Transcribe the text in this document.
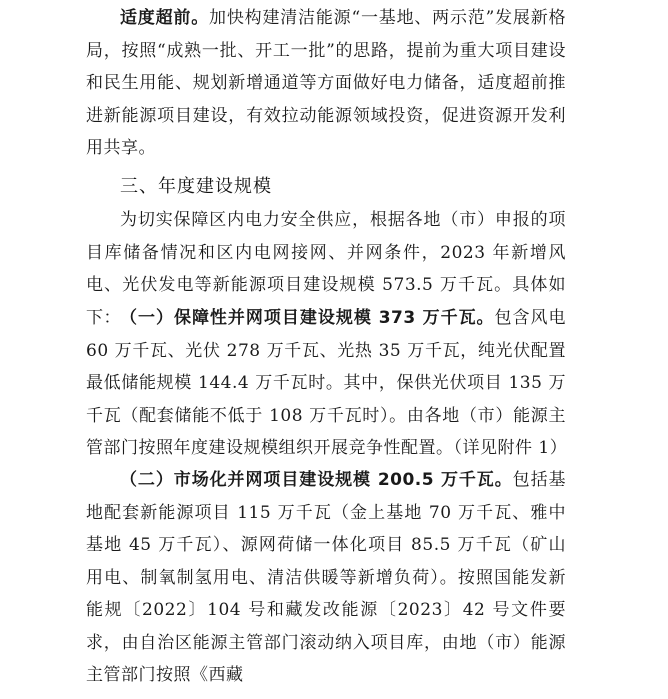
适度超前。加快构建清洁能源“一基地、两示范”发展新格局，按照“成熟一批、开工一批”的思路，提前为重大项目建设和民生用能、规划新增通道等方面做好电力储备，适度超前推进新能源项目建设，有效拉动能源领域投资，促进资源开发利用共享。

三、年度建设规模

为切实保障区内电力安全供应，根据各地（市）申报的项目库储备情况和区内电网接网、并网条件，2023 年新增风电、光伏发电等新能源项目建设规模 573.5 万千瓦。具体如下： （一）保障性并网项目建设规模 373 万千瓦。包含风电 60 万千瓦、光伏 278 万千瓦、光热 35 万千瓦，纯光伏配置最低储能规模 144.4 万千瓦时。其中，保供光伏项目 135 万千瓦（配套储能不低于 108 万千瓦时）。由各地（市）能源主管部门按照年度建设规模组织开展竞争性配置。（详见附件 1）

（二）市场化并网项目建设规模 200.5 万千瓦。包括基地配套新能源项目 115 万千瓦（金上基地 70 万千瓦、雅中基地 45 万千瓦）、源网荷储一体化项目 85.5 万千瓦（矿山用电、制氧制氢用电、清洁供暖等新增负荷）。按照国能发新能规〔2022〕104 号和藏发改能源〔2023〕42 号文件要求，由自治区能源主管部门滚动纳入项目库，由地（市）能源主管部门按照《西藏
